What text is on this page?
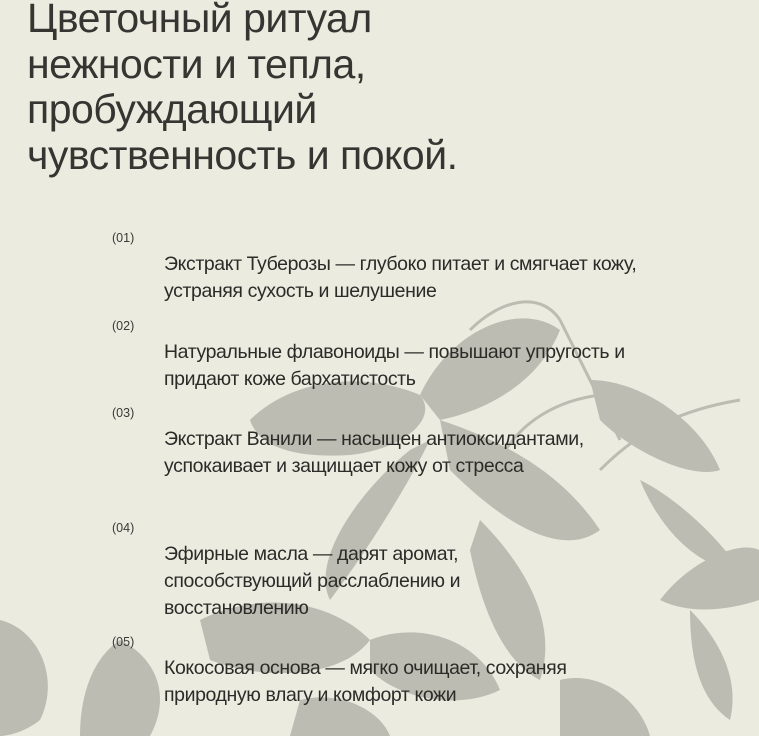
Цветочный ритуал
нежности и тепла,
пробуждающий
чувственность и покой.
(01)
Экстракт Туберозы — глубоко питает и смягчает кожу, устраняя сухость и шелушение
(02)
Натуральные флавоноиды — повышают упругость и придают коже бархатистость
(03)
Экстракт Ванили — насыщен антиоксидантами, успокаивает и защищает кожу от стресса
(04)
Эфирные масла — дарят аромат, способствующий расслаблению и восстановлению
(05)
Кокосовая основа — мягко очищает, сохраняя природную влагу и комфорт кожи
